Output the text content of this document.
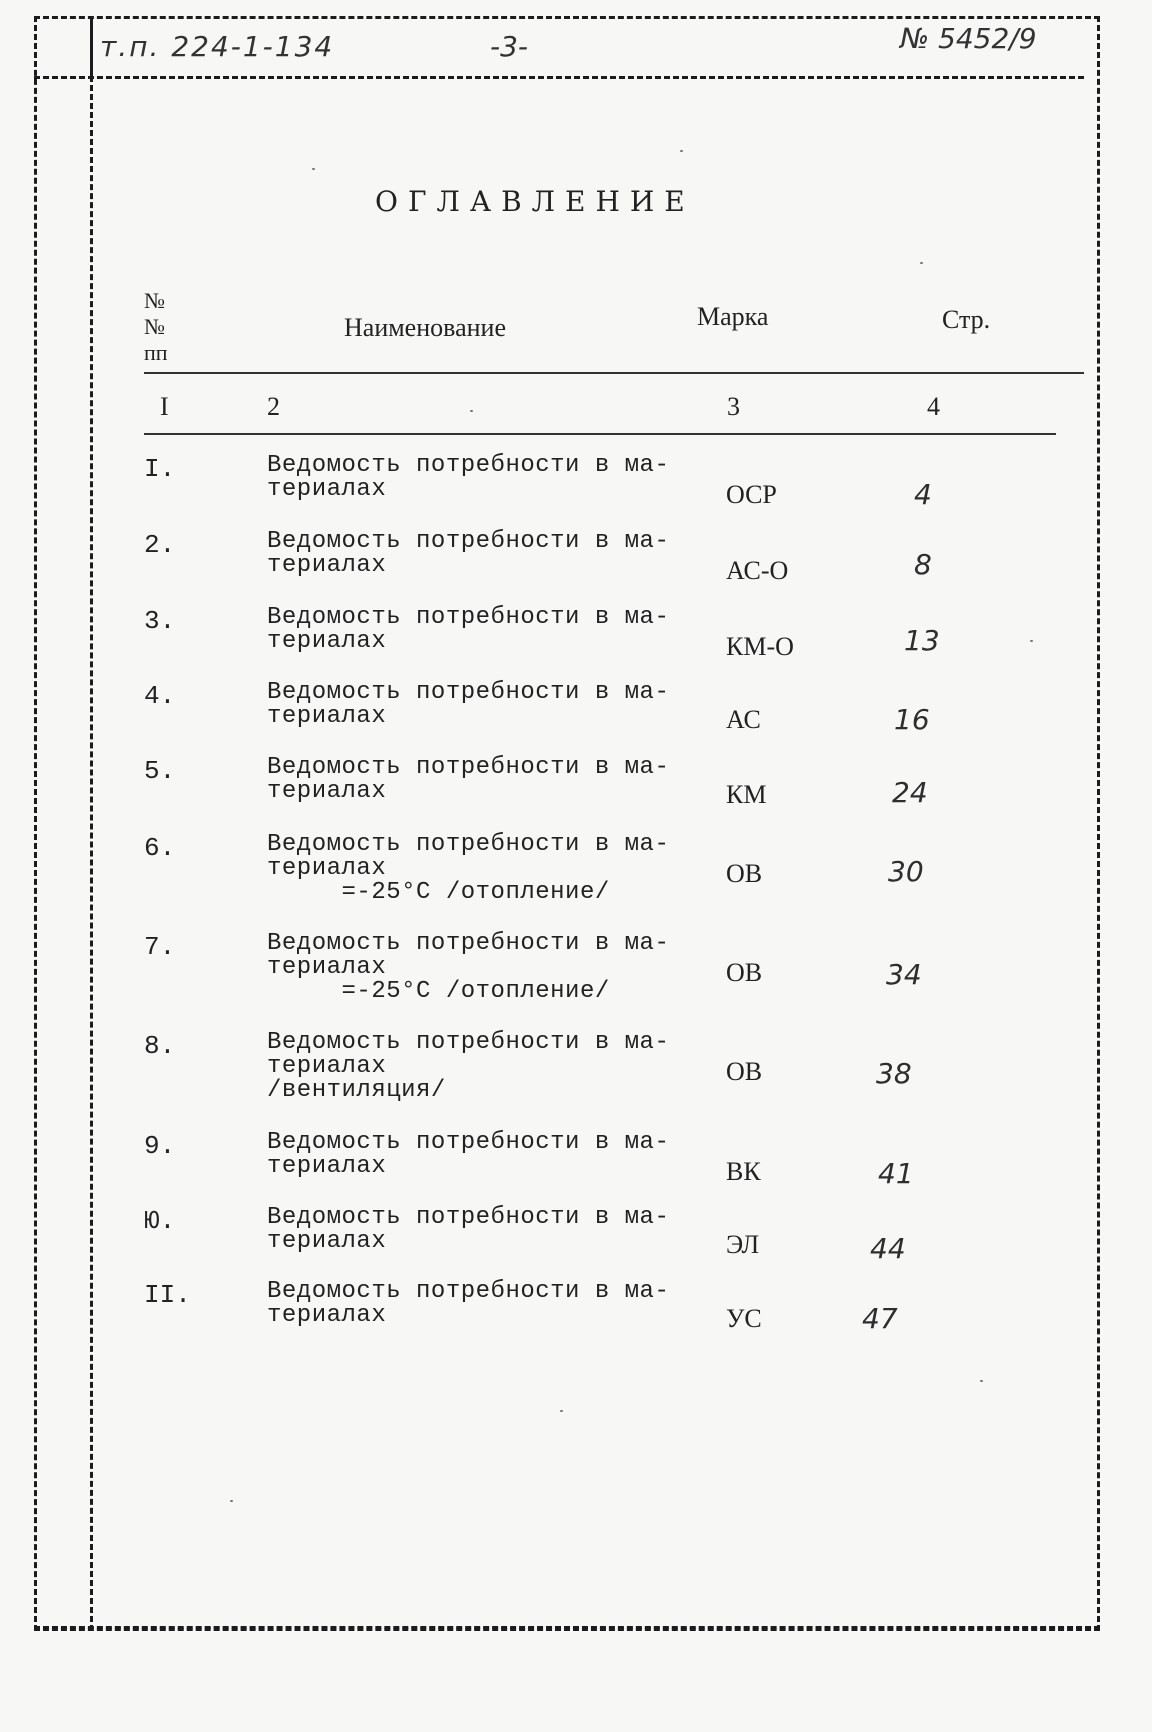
т.п. 224-1-134	-3-	№ 5452/9
ОГЛАВЛЕНИЕ
№№ пп
Наименование	Марка	Стр.
I	2	3	4
I.	Ведомость потребности в ма-
териалах	ОСР	4
2.	Ведомость потребности в ма-
териалах	АС-О	8
3.	Ведомость потребности в ма-
териалах	КМ-О	13
4.	Ведомость потребности в ма-
териалах	АС	16
5.	Ведомость потребности в ма-
териалах	КМ	24
6.	Ведомость потребности в ма-
териалах
=-25°С /отопление/
ОВ	30
7.	Ведомость потребности в ма-
териалах
=-25°С /отопление/
ОВ	34
8.	Ведомость потребности в ма-
териалах
/вентиляция/
ОВ	38
9.	Ведомость потребности в ма-
териалах	ВК	41
Ю.	Ведомость потребности в ма-
териалах	ЭЛ	44
II.	Ведомость потребности в ма-
териалах	УС	47
